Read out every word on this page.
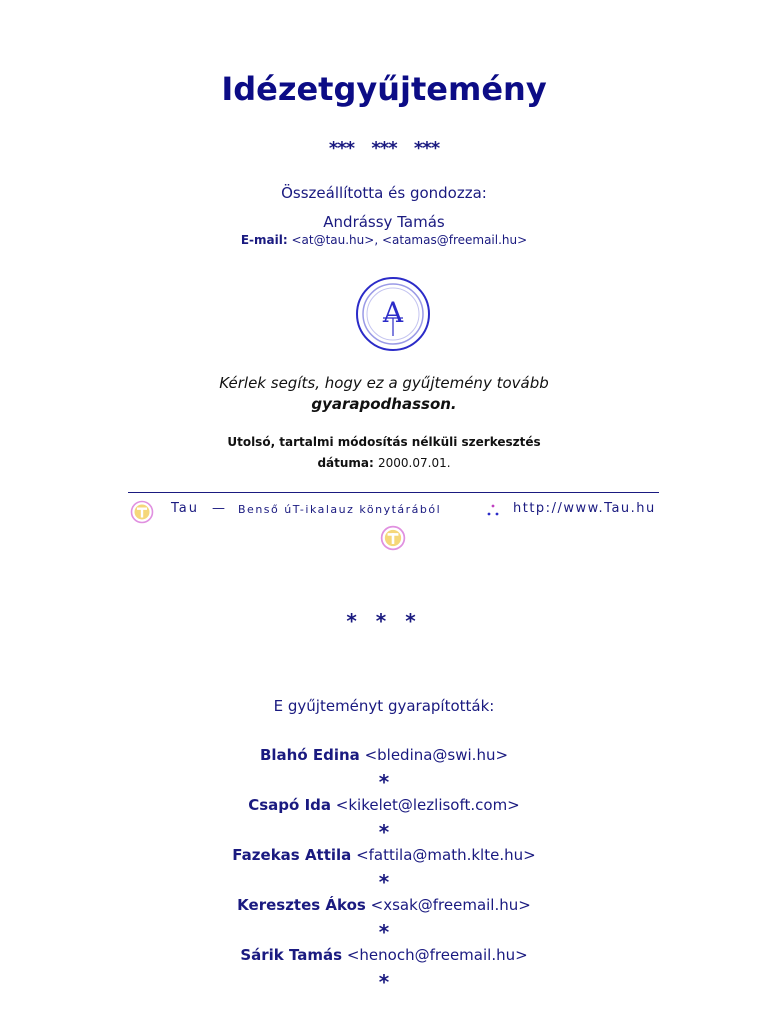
Idézetgyűjtemény
*** *** ***
Összeállította és gondozza:
Andrássy Tamás
E-mail: <at@tau.hu>, <atamas@freemail.hu>
A
Kérlek segíts, hogy ez a gyűjtemény tovább
gyarapodhasson.
Utolsó, tartalmi módosítás nélküli szerkesztés
dátuma: 2000.07.01.
Tau — Benső úT-ikalauz könytárából	http://www.Tau.hu
* * *
E gyűjteményt gyarapították:
Blahó Edina <bledina@swi.hu>
*
Csapó Ida <kikelet@lezlisoft.com>
*
Fazekas Attila <fattila@math.klte.hu>
*
Keresztes Ákos <xsak@freemail.hu>
*
Sárik Tamás <henoch@freemail.hu>
*
